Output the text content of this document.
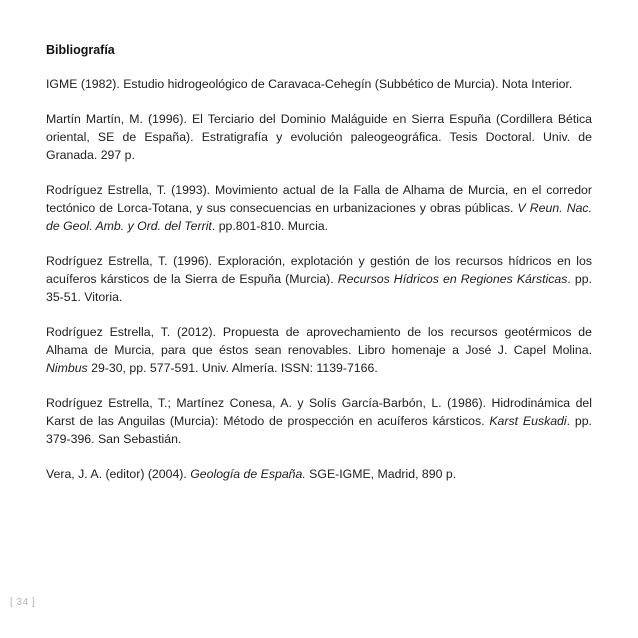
Bibliografía
IGME (1982). Estudio hidrogeológico de Caravaca-Cehegín (Subbético de Murcia). Nota Interior.
Martín Martín, M. (1996). El Terciario del Dominio Maláguide en Sierra Espuña (Cordillera Bética oriental, SE de España). Estratigrafía y evolución paleogeográfica. Tesis Doctoral. Univ. de Granada. 297 p.
Rodríguez Estrella, T. (1993). Movimiento actual de la Falla de Alhama de Murcia, en el corredor tectónico de Lorca-Totana, y sus consecuencias en urbanizaciones y obras públicas. V Reun. Nac. de Geol. Amb. y Ord. del Territ. pp.801-810. Murcia.
Rodríguez Estrella, T. (1996). Exploración, explotación y gestión de los recursos hídricos en los acuíferos kársticos de la Sierra de Espuña (Murcia). Recursos Hídricos en Regiones Kársticas. pp. 35-51. Vitoria.
Rodríguez Estrella, T. (2012). Propuesta de aprovechamiento de los recursos geotérmicos de Alhama de Murcia, para que éstos sean renovables. Libro homenaje a José J. Capel Molina. Nimbus 29-30, pp. 577-591. Univ. Almería. ISSN: 1139-7166.
Rodríguez Estrella, T.; Martínez Conesa, A. y Solís García-Barbón, L. (1986). Hidrodinámica del Karst de las Anguilas (Murcia): Método de prospección en acuíferos kársticos. Karst Euskadi. pp. 379-396. San Sebastián.
Vera, J. A. (editor) (2004). Geología de España. SGE-IGME, Madrid, 890 p.
[ 34 ]
